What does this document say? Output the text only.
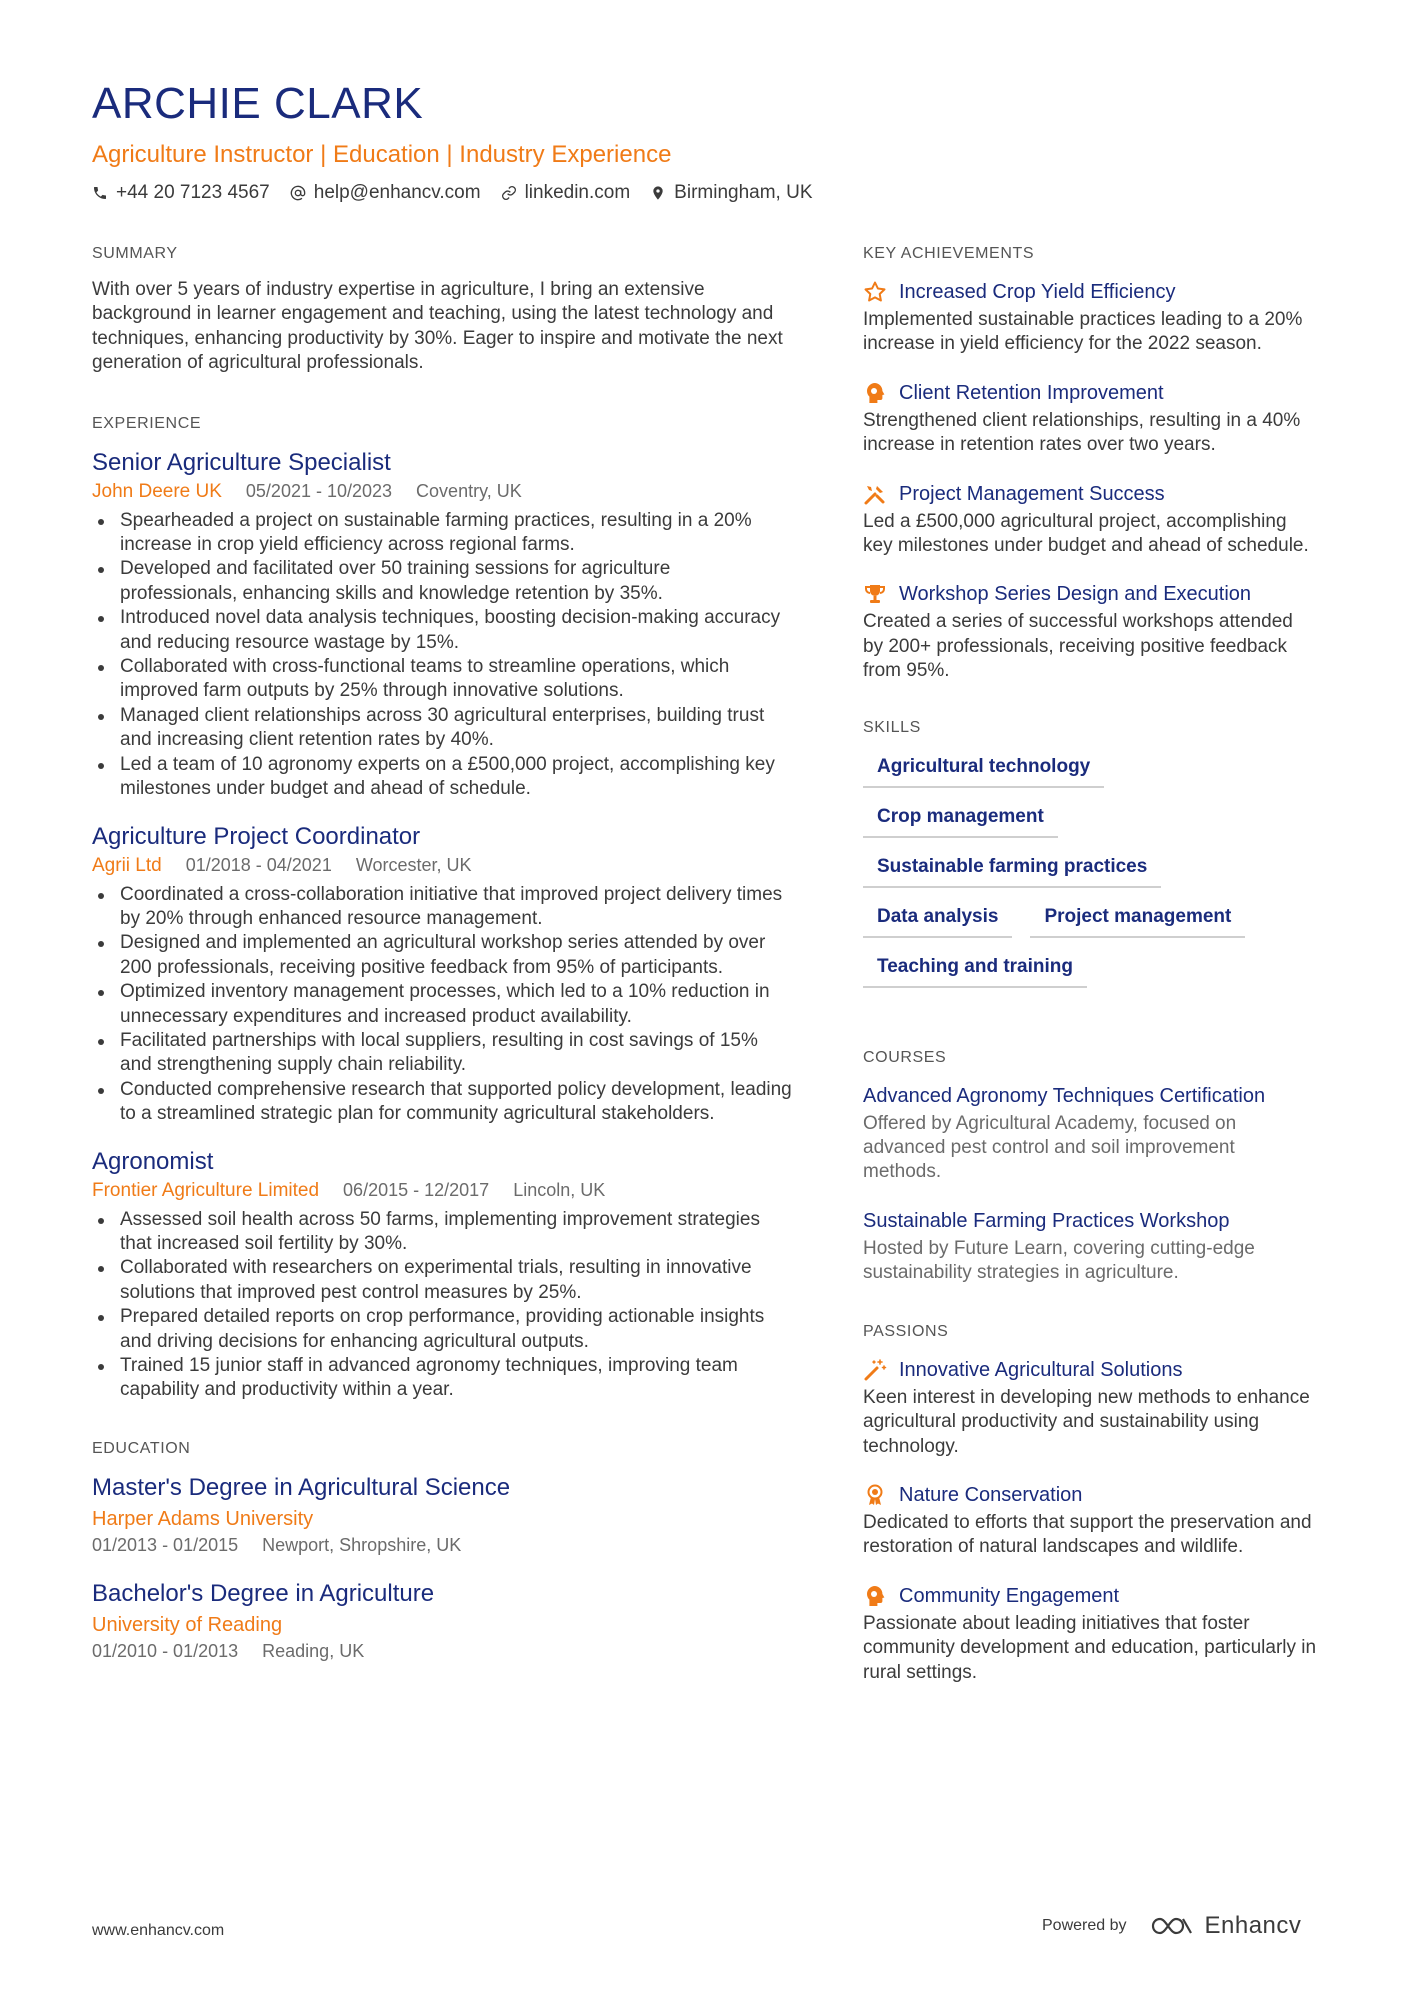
ARCHIE CLARK
Agriculture Instructor | Education | Industry Experience
+44 20 7123 4567 help@enhancv.com linkedin.com Birmingham, UK
SUMMARY
With over 5 years of industry expertise in agriculture, I bring an extensive background in learner engagement and teaching, using the latest technology and techniques, enhancing productivity by 30%. Eager to inspire and motivate the next generation of agricultural professionals.
EXPERIENCE
Senior Agriculture Specialist
John Deere UK 05/2021 - 10/2023 Coventry, UK
Spearheaded a project on sustainable farming practices, resulting in a 20% increase in crop yield efficiency across regional farms.
Developed and facilitated over 50 training sessions for agriculture professionals, enhancing skills and knowledge retention by 35%.
Introduced novel data analysis techniques, boosting decision-making accuracy and reducing resource wastage by 15%.
Collaborated with cross-functional teams to streamline operations, which improved farm outputs by 25% through innovative solutions.
Managed client relationships across 30 agricultural enterprises, building trust and increasing client retention rates by 40%.
Led a team of 10 agronomy experts on a £500,000 project, accomplishing key milestones under budget and ahead of schedule.
Agriculture Project Coordinator
Agrii Ltd 01/2018 - 04/2021 Worcester, UK
Coordinated a cross-collaboration initiative that improved project delivery times by 20% through enhanced resource management.
Designed and implemented an agricultural workshop series attended by over 200 professionals, receiving positive feedback from 95% of participants.
Optimized inventory management processes, which led to a 10% reduction in unnecessary expenditures and increased product availability.
Facilitated partnerships with local suppliers, resulting in cost savings of 15% and strengthening supply chain reliability.
Conducted comprehensive research that supported policy development, leading to a streamlined strategic plan for community agricultural stakeholders.
Agronomist
Frontier Agriculture Limited 06/2015 - 12/2017 Lincoln, UK
Assessed soil health across 50 farms, implementing improvement strategies that increased soil fertility by 30%.
Collaborated with researchers on experimental trials, resulting in innovative solutions that improved pest control measures by 25%.
Prepared detailed reports on crop performance, providing actionable insights and driving decisions for enhancing agricultural outputs.
Trained 15 junior staff in advanced agronomy techniques, improving team capability and productivity within a year.
EDUCATION
Master's Degree in Agricultural Science
Harper Adams University
01/2013 - 01/2015 Newport, Shropshire, UK
Bachelor's Degree in Agriculture
University of Reading
01/2010 - 01/2013 Reading, UK
KEY ACHIEVEMENTS
Increased Crop Yield Efficiency
Implemented sustainable practices leading to a 20% increase in yield efficiency for the 2022 season.
Client Retention Improvement
Strengthened client relationships, resulting in a 40% increase in retention rates over two years.
Project Management Success
Led a £500,000 agricultural project, accomplishing key milestones under budget and ahead of schedule.
Workshop Series Design and Execution
Created a series of successful workshops attended by 200+ professionals, receiving positive feedback from 95%.
SKILLS
Agricultural technology
Crop management
Sustainable farming practices
Data analysis	Project management
Teaching and training
COURSES
Advanced Agronomy Techniques Certification
Offered by Agricultural Academy, focused on advanced pest control and soil improvement methods.
Sustainable Farming Practices Workshop
Hosted by Future Learn, covering cutting-edge sustainability strategies in agriculture.
PASSIONS
Innovative Agricultural Solutions
Keen interest in developing new methods to enhance agricultural productivity and sustainability using technology.
Nature Conservation
Dedicated to efforts that support the preservation and restoration of natural landscapes and wildlife.
Community Engagement
Passionate about leading initiatives that foster community development and education, particularly in rural settings.
www.enhancv.com	Powered by	Enhancv
